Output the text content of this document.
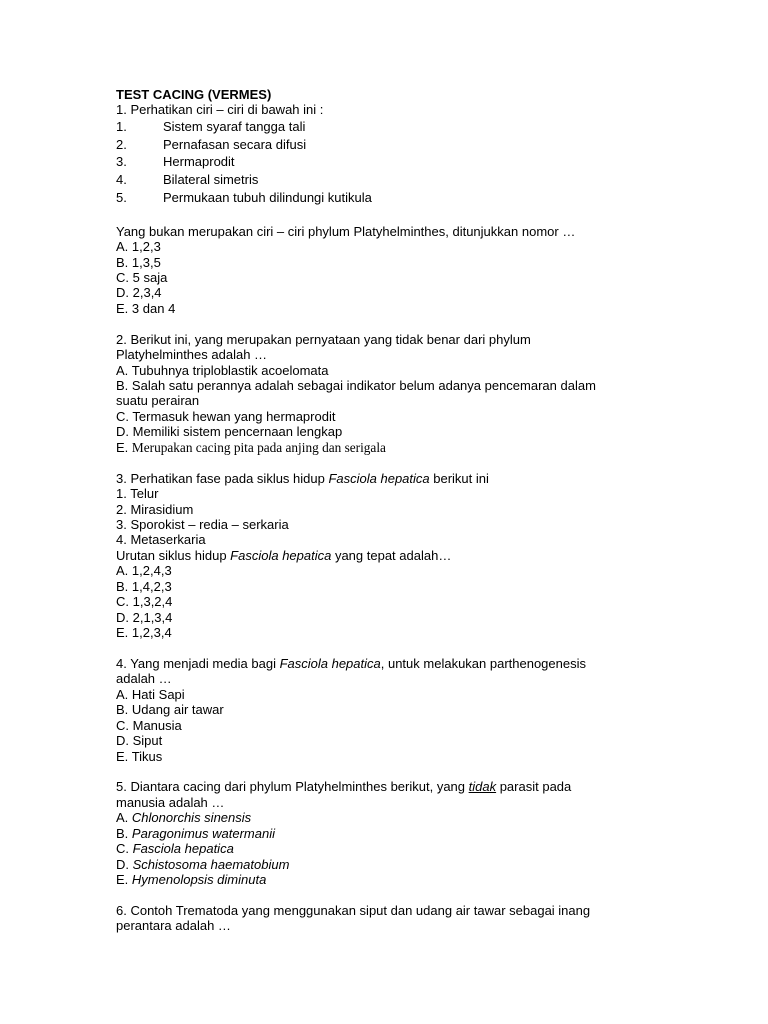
TEST CACING (VERMES)
1. Perhatikan ciri – ciri di bawah ini :
1.	Sistem syaraf tangga tali
2.	Pernafasan secara difusi
3.	Hermaprodit
4.	Bilateral simetris
5.	Permukaan tubuh dilindungi kutikula
Yang bukan merupakan ciri – ciri phylum Platyhelminthes, ditunjukkan nomor …
A. 1,2,3
B. 1,3,5
C. 5 saja
D. 2,3,4
E. 3 dan 4
2. Berikut ini, yang merupakan pernyataan yang tidak benar dari phylum
Platyhelminthes adalah …
A. Tubuhnya triploblastik acoelomata
B. Salah satu perannya adalah sebagai indikator belum adanya pencemaran dalam
suatu perairan
C. Termasuk hewan yang hermaprodit
D. Memiliki sistem pencernaan lengkap
E. Merupakan cacing pita pada anjing dan serigala
3. Perhatikan fase pada siklus hidup Fasciola hepatica berikut ini
1. Telur
2. Mirasidium
3. Sporokist – redia – serkaria
4. Metaserkaria
Urutan siklus hidup Fasciola hepatica yang tepat adalah…
A. 1,2,4,3
B. 1,4,2,3
C. 1,3,2,4
D. 2,1,3,4
E. 1,2,3,4
4. Yang menjadi media bagi Fasciola hepatica, untuk melakukan parthenogenesis
adalah …
A. Hati Sapi
B. Udang air tawar
C. Manusia
D. Siput
E. Tikus
5. Diantara cacing dari phylum Platyhelminthes berikut, yang tidak parasit pada
manusia adalah …
A. Chlonorchis sinensis
B. Paragonimus watermanii
C. Fasciola hepatica
D. Schistosoma haematobium
E. Hymenolopsis diminuta
6. Contoh Trematoda yang menggunakan siput dan udang air tawar sebagai inang
perantara adalah …
